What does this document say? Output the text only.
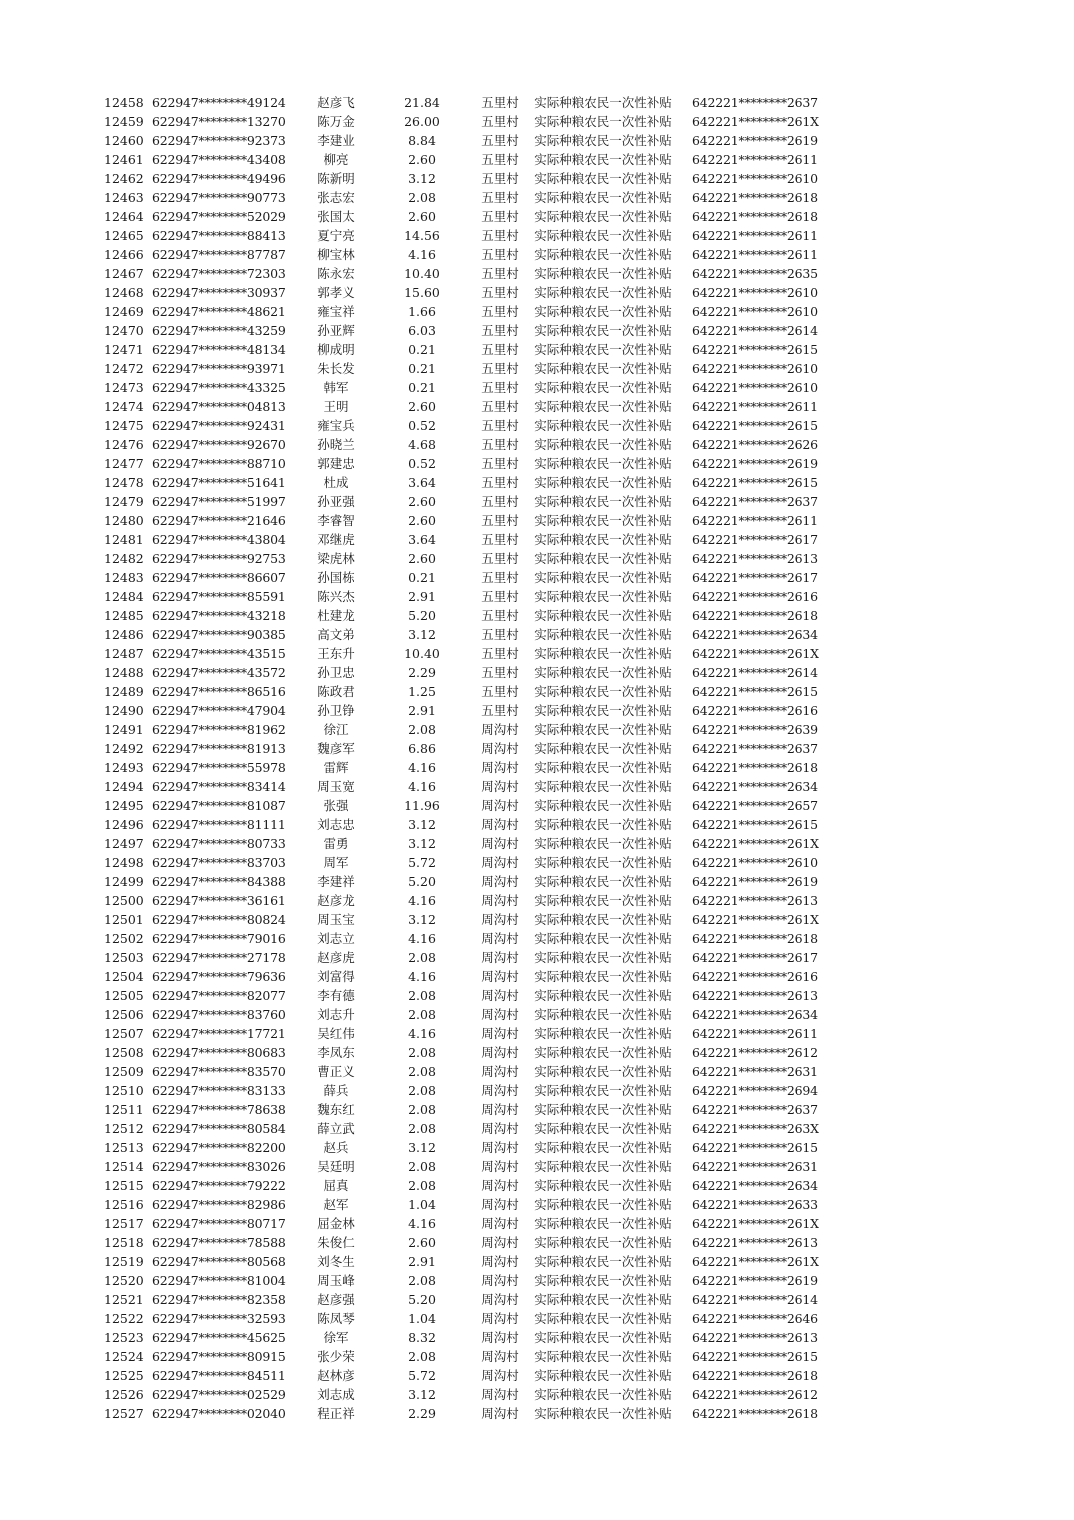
12458 622947********49124	赵彦飞	21.84	五里村	实际种粮农民一次性补贴	642221********2637
12459 622947********13270	陈万金	26.00	五里村	实际种粮农民一次性补贴	642221********261X
12460 622947********92373	李建业	8.84	五里村	实际种粮农民一次性补贴	642221********2619
12461 622947********43408	柳亮	2.60	五里村	实际种粮农民一次性补贴	642221********2611
12462 622947********49496	陈新明	3.12	五里村	实际种粮农民一次性补贴	642221********2610
12463 622947********90773	张志宏	2.08	五里村	实际种粮农民一次性补贴	642221********2618
12464 622947********52029	张国太	2.60	五里村	实际种粮农民一次性补贴	642221********2618
12465 622947********88413	夏宁亮	14.56	五里村	实际种粮农民一次性补贴	642221********2611
12466 622947********87787	柳宝林	4.16	五里村	实际种粮农民一次性补贴	642221********2611
12467 622947********72303	陈永宏	10.40	五里村	实际种粮农民一次性补贴	642221********2635
12468 622947********30937	郭孝义	15.60	五里村	实际种粮农民一次性补贴	642221********2610
12469 622947********48621	雍宝祥	1.66	五里村	实际种粮农民一次性补贴	642221********2610
12470 622947********43259	孙亚辉	6.03	五里村	实际种粮农民一次性补贴	642221********2614
12471 622947********48134	柳成明	0.21	五里村	实际种粮农民一次性补贴	642221********2615
12472 622947********93971	朱长发	0.21	五里村	实际种粮农民一次性补贴	642221********2610
12473 622947********43325	韩军	0.21	五里村	实际种粮农民一次性补贴	642221********2610
12474 622947********04813	王明	2.60	五里村	实际种粮农民一次性补贴	642221********2611
12475 622947********92431	雍宝兵	0.52	五里村	实际种粮农民一次性补贴	642221********2615
12476 622947********92670	孙晓兰	4.68	五里村	实际种粮农民一次性补贴	642221********2626
12477 622947********88710	郭建忠	0.52	五里村	实际种粮农民一次性补贴	642221********2619
12478 622947********51641	杜成	3.64	五里村	实际种粮农民一次性补贴	642221********2615
12479 622947********51997	孙亚强	2.60	五里村	实际种粮农民一次性补贴	642221********2637
12480 622947********21646	李睿智	2.60	五里村	实际种粮农民一次性补贴	642221********2611
12481 622947********43804	邓继虎	3.64	五里村	实际种粮农民一次性补贴	642221********2617
12482 622947********92753	梁虎林	2.60	五里村	实际种粮农民一次性补贴	642221********2613
12483 622947********86607	孙国栋	0.21	五里村	实际种粮农民一次性补贴	642221********2617
12484 622947********85591	陈兴杰	2.91	五里村	实际种粮农民一次性补贴	642221********2616
12485 622947********43218	杜建龙	5.20	五里村	实际种粮农民一次性补贴	642221********2618
12486 622947********90385	高文弟	3.12	五里村	实际种粮农民一次性补贴	642221********2634
12487 622947********43515	王东升	10.40	五里村	实际种粮农民一次性补贴	642221********261X
12488 622947********43572	孙卫忠	2.29	五里村	实际种粮农民一次性补贴	642221********2614
12489 622947********86516	陈政君	1.25	五里村	实际种粮农民一次性补贴	642221********2615
12490 622947********47904	孙卫铮	2.91	五里村	实际种粮农民一次性补贴	642221********2616
12491 622947********81962	徐江	2.08	周沟村	实际种粮农民一次性补贴	642221********2639
12492 622947********81913	魏彦军	6.86	周沟村	实际种粮农民一次性补贴	642221********2637
12493 622947********55978	雷辉	4.16	周沟村	实际种粮农民一次性补贴	642221********2618
12494 622947********83414	周玉宽	4.16	周沟村	实际种粮农民一次性补贴	642221********2634
12495 622947********81087	张强	11.96	周沟村	实际种粮农民一次性补贴	642221********2657
12496 622947********81111	刘志忠	3.12	周沟村	实际种粮农民一次性补贴	642221********2615
12497 622947********80733	雷勇	3.12	周沟村	实际种粮农民一次性补贴	642221********261X
12498 622947********83703	周军	5.72	周沟村	实际种粮农民一次性补贴	642221********2610
12499 622947********84388	李建祥	5.20	周沟村	实际种粮农民一次性补贴	642221********2619
12500 622947********36161	赵彦龙	4.16	周沟村	实际种粮农民一次性补贴	642221********2613
12501 622947********80824	周玉宝	3.12	周沟村	实际种粮农民一次性补贴	642221********261X
12502 622947********79016	刘志立	4.16	周沟村	实际种粮农民一次性补贴	642221********2618
12503 622947********27178	赵彦虎	2.08	周沟村	实际种粮农民一次性补贴	642221********2617
12504 622947********79636	刘富得	4.16	周沟村	实际种粮农民一次性补贴	642221********2616
12505 622947********82077	李有德	2.08	周沟村	实际种粮农民一次性补贴	642221********2613
12506 622947********83760	刘志升	2.08	周沟村	实际种粮农民一次性补贴	642221********2634
12507 622947********17721	吴红伟	4.16	周沟村	实际种粮农民一次性补贴	642221********2611
12508 622947********80683	李凤东	2.08	周沟村	实际种粮农民一次性补贴	642221********2612
12509 622947********83570	曹正义	2.08	周沟村	实际种粮农民一次性补贴	642221********2631
12510 622947********83133	薛兵	2.08	周沟村	实际种粮农民一次性补贴	642221********2694
12511 622947********78638	魏东红	2.08	周沟村	实际种粮农民一次性补贴	642221********2637
12512 622947********80584	薛立武	2.08	周沟村	实际种粮农民一次性补贴	642221********263X
12513 622947********82200	赵兵	3.12	周沟村	实际种粮农民一次性补贴	642221********2615
12514 622947********83026	吴廷明	2.08	周沟村	实际种粮农民一次性补贴	642221********2631
12515 622947********79222	屈真	2.08	周沟村	实际种粮农民一次性补贴	642221********2634
12516 622947********82986	赵军	1.04	周沟村	实际种粮农民一次性补贴	642221********2633
12517 622947********80717	屈金林	4.16	周沟村	实际种粮农民一次性补贴	642221********261X
12518 622947********78588	朱俊仁	2.60	周沟村	实际种粮农民一次性补贴	642221********2613
12519 622947********80568	刘冬生	2.91	周沟村	实际种粮农民一次性补贴	642221********261X
12520 622947********81004	周玉峰	2.08	周沟村	实际种粮农民一次性补贴	642221********2619
12521 622947********82358	赵彦强	5.20	周沟村	实际种粮农民一次性补贴	642221********2614
12522 622947********32593	陈凤琴	1.04	周沟村	实际种粮农民一次性补贴	642221********2646
12523 622947********45625	徐军	8.32	周沟村	实际种粮农民一次性补贴	642221********2613
12524 622947********80915	张少荣	2.08	周沟村	实际种粮农民一次性补贴	642221********2615
12525 622947********84511	赵林彦	5.72	周沟村	实际种粮农民一次性补贴	642221********2618
12526 622947********02529	刘志成	3.12	周沟村	实际种粮农民一次性补贴	642221********2612
12527 622947********02040	程正祥	2.29	周沟村	实际种粮农民一次性补贴	642221********2618
